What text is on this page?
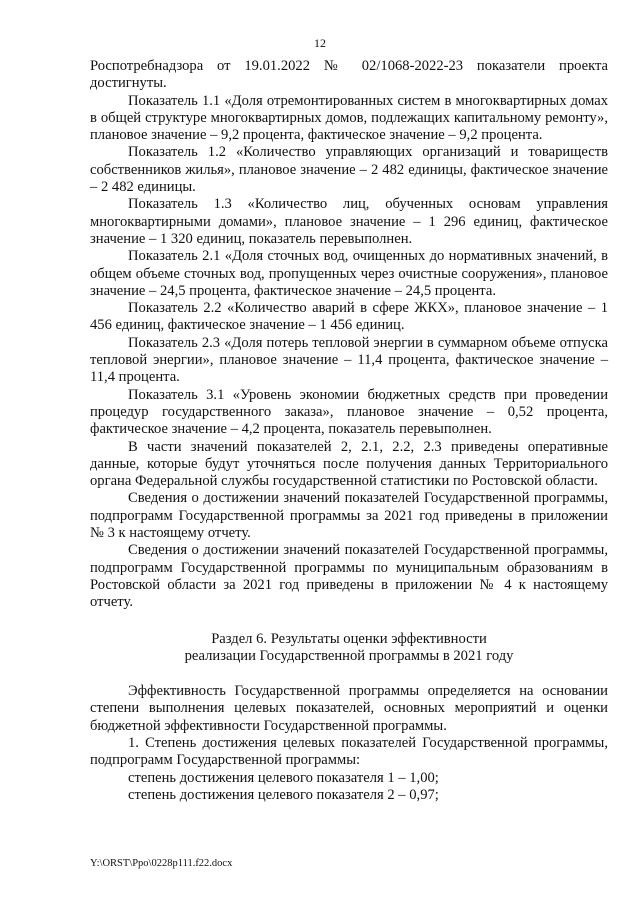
12

Роспотребнадзора от 19.01.2022 № 02/1068-2022-23 показатели проекта достигнуты.

Показатель 1.1 «Доля отремонтированных систем в многоквартирных домах в общей структуре многоквартирных домов, подлежащих капитальному ремонту», плановое значение – 9,2 процента, фактическое значение – 9,2 процента.

Показатель 1.2 «Количество управляющих организаций и товариществ собственников жилья», плановое значение – 2 482 единицы, фактическое значение – 2 482 единицы.

Показатель 1.3 «Количество лиц, обученных основам управления многоквартирными домами», плановое значение – 1 296 единиц, фактическое значение – 1 320 единиц, показатель перевыполнен.

Показатель 2.1 «Доля сточных вод, очищенных до нормативных значений, в общем объеме сточных вод, пропущенных через очистные сооружения», плановое значение – 24,5 процента, фактическое значение – 24,5 процента.

Показатель 2.2 «Количество аварий в сфере ЖКХ», плановое значение – 1 456 единиц, фактическое значение – 1 456 единиц.

Показатель 2.3 «Доля потерь тепловой энергии в суммарном объеме отпуска тепловой энергии», плановое значение – 11,4 процента, фактическое значение – 11,4 процента.

Показатель 3.1 «Уровень экономии бюджетных средств при проведении процедур государственного заказа», плановое значение – 0,52 процента, фактическое значение – 4,2 процента, показатель перевыполнен.

В части значений показателей 2, 2.1, 2.2, 2.3 приведены оперативные данные, которые будут уточняться после получения данных Территориального органа Федеральной службы государственной статистики по Ростовской области.

Сведения о достижении значений показателей Государственной программы, подпрограмм Государственной программы за 2021 год приведены в приложении № 3 к настоящему отчету.

Сведения о достижении значений показателей Государственной программы, подпрограмм Государственной программы по муниципальным образованиям в Ростовской области за 2021 год приведены в приложении № 4 к настоящему отчету.

Раздел 6. Результаты оценки эффективности
реализации Государственной программы в 2021 году

Эффективность Государственной программы определяется на основании степени выполнения целевых показателей, основных мероприятий и оценки бюджетной эффективности Государственной программы.

1. Степень достижения целевых показателей Государственной программы, подпрограмм Государственной программы:

степень достижения целевого показателя 1 – 1,00;

степень достижения целевого показателя 2 – 0,97;

Y:\ORST\Ppo\0228p111.f22.docx
